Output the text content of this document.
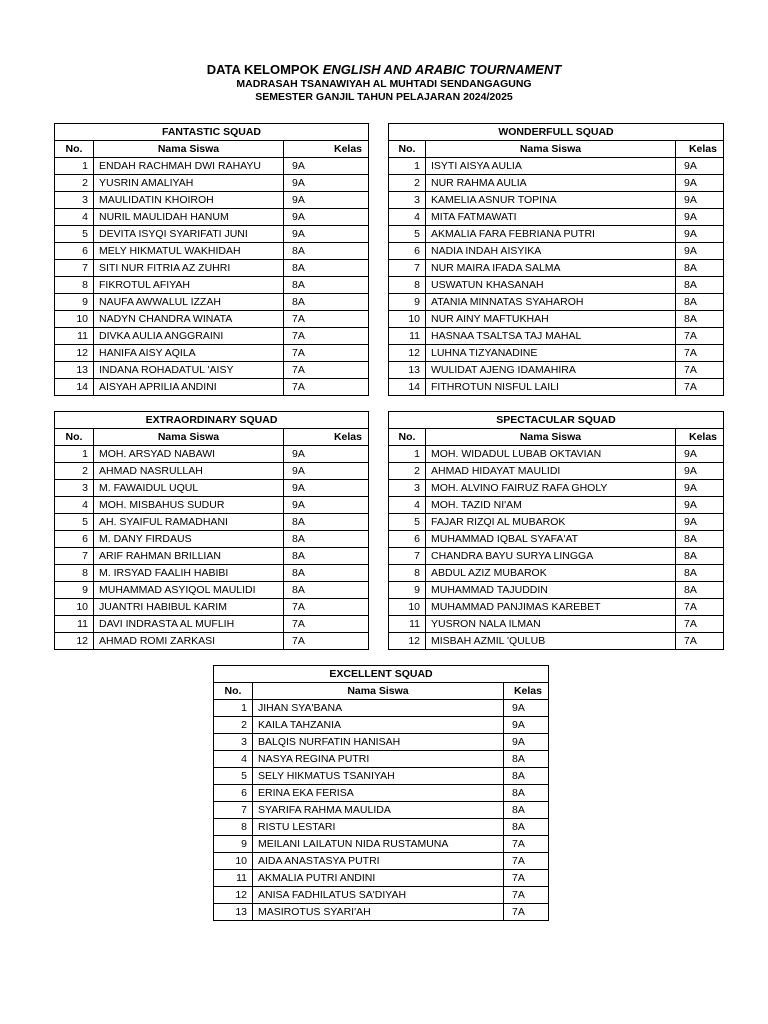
DATA KELOMPOK ENGLISH AND ARABIC TOURNAMENT
MADRASAH TSANAWIYAH AL MUHTADI SENDANGAGUNG
SEMESTER GANJIL TAHUN PELAJARAN 2024/2025
FANTASTIC SQUAD		
No.	Nama Siswa	Kelas
1	ENDAH RACHMAH DWI RAHAYU	9A
2	YUSRIN AMALIYAH	9A
3	MAULIDATIN KHOIROH	9A
4	NURIL MAULIDAH HANUM	9A
5	DEVITA ISYQI SYARIFATI JUNI	9A
6	MELY HIKMATUL WAKHIDAH	8A
7	SITI NUR FITRIA AZ ZUHRI	8A
8	FIKROTUL AFIYAH	8A
9	NAUFA AWWALUL IZZAH	8A
10	NADYN CHANDRA WINATA	7A
11	DIVKA AULIA ANGGRAINI	7A
12	HANIFA AISY AQILA	7A
13	INDANA ROHADATUL 'AISY	7A
14	AISYAH APRILIA ANDINI	7A
WONDERFULL SQUAD		
No.	Nama Siswa	Kelas
1	ISYTI AISYA AULIA	9A
2	NUR RAHMA AULIA	9A
3	KAMELIA ASNUR TOPINA	9A
4	MITA FATMAWATI	9A
5	AKMALIA FARA FEBRIANA PUTRI	9A
6	NADIA INDAH AISYIKA	9A
7	NUR MAIRA IFADA SALMA	8A
8	USWATUN KHASANAH	8A
9	ATANIA MINNATAS SYAHAROH	8A
10	NUR AINY MAFTUKHAH	8A
11	HASNAA TSALTSA TAJ MAHAL	7A
12	LUHNA TIZYANADINE	7A
13	WULIDAT AJENG IDAMAHIRA	7A
14	FITHROTUN NISFUL LAILI	7A
EXTRAORDINARY SQUAD		
No.	Nama Siswa	Kelas
1	MOH. ARSYAD NABAWI	9A
2	AHMAD NASRULLAH	9A
3	M. FAWAIDUL UQUL	9A
4	MOH. MISBAHUS SUDUR	9A
5	AH. SYAIFUL RAMADHANI	8A
6	M. DANY FIRDAUS	8A
7	ARIF RAHMAN BRILLIAN	8A
8	M. IRSYAD FAALIH HABIBI	8A
9	MUHAMMAD ASYIQOL MAULIDI	8A
10	JUANTRI HABIBUL KARIM	7A
11	DAVI INDRASTA AL MUFLIH	7A
12	AHMAD ROMI ZARKASI	7A
SPECTACULAR SQUAD		
No.	Nama Siswa	Kelas
1	MOH. WIDADUL LUBAB OKTAVIAN	9A
2	AHMAD HIDAYAT MAULIDI	9A
3	MOH. ALVINO FAIRUZ RAFA GHOLY	9A
4	MOH. TAZID NI'AM	9A
5	FAJAR RIZQI AL MUBAROK	9A
6	MUHAMMAD IQBAL SYAFA'AT	8A
7	CHANDRA BAYU SURYA LINGGA	8A
8	ABDUL AZIZ MUBAROK	8A
9	MUHAMMAD TAJUDDIN	8A
10	MUHAMMAD PANJIMAS KAREBET	7A
11	YUSRON NALA ILMAN	7A
12	MISBAH AZMIL 'QULUB	7A
EXCELLENT SQUAD		
No.	Nama Siswa	Kelas
1	JIHAN SYA'BANA	9A
2	KAILA TAHZANIA	9A
3	BALQIS NURFATIN HANISAH	9A
4	NASYA REGINA PUTRI	8A
5	SELY HIKMATUS TSANIYAH	8A
6	ERINA EKA FERISA	8A
7	SYARIFA RAHMA MAULIDA	8A
8	RISTU LESTARI	8A
9	MEILANI LAILATUN NIDA RUSTAMUNA	7A
10	AIDA ANASTASYA PUTRI	7A
11	AKMALIA PUTRI ANDINI	7A
12	ANISA FADHILATUS SA'DIYAH	7A
13	MASIROTUS SYARI'AH	7A
